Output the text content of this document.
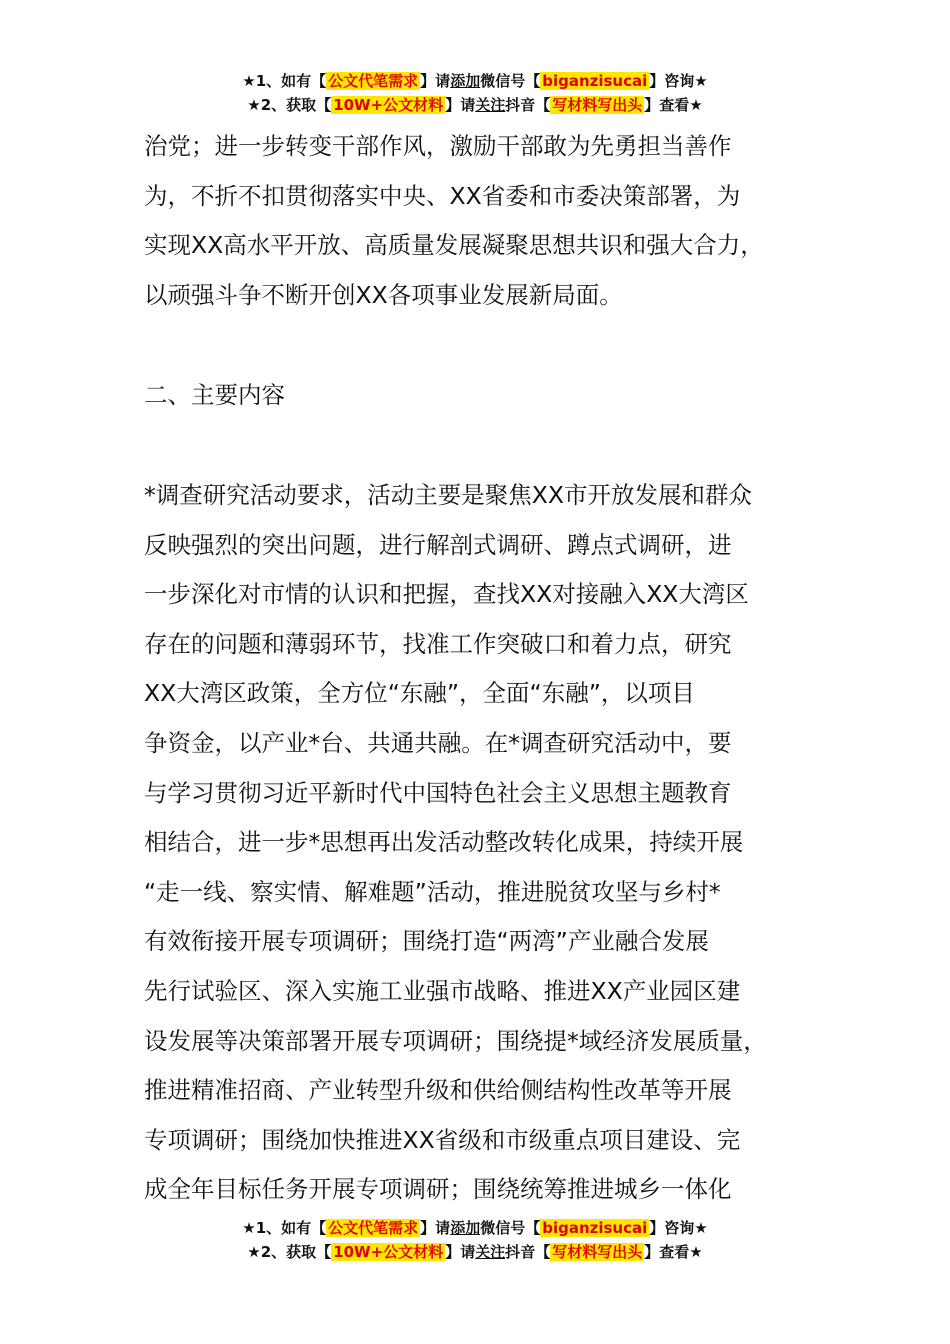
★1、如有【 公文代笔需求 】请添加微信号【 biganzisucai 】咨询★
★2、获取【 10W+公文材料 】请关注抖音【 写材料写出头 】查看★
治党；进一步转变干部作风，激励干部敢为先勇担当善作
为，不折不扣贯彻落实中央、XX省委和市委决策部署，为
实现XX高水平开放、高质量发展凝聚思想共识和强大合力，
以顽强斗争不断开创XX各项事业发展新局面。
二、主要内容
*调查研究活动要求，活动主要是聚焦XX市开放发展和群众
反映强烈的突出问题，进行解剖式调研、蹲点式调研，进
一步深化对市情的认识和把握，查找XX对接融入XX大湾区
存在的问题和薄弱环节，找准工作突破口和着力点，研究
XX大湾区政策，全方位“东融”，全面“东融”，以项目
争资金，以产业*台、共通共融。在*调查研究活动中，要
与学习贯彻习近平新时代中国特色社会主义思想主题教育
相结合，进一步*思想再出发活动整改转化成果，持续开展
“走一线、察实情、解难题”活动，推进脱贫攻坚与乡村*
有效衔接开展专项调研；围绕打造“两湾”产业融合发展
先行试验区、深入实施工业强市战略、推进XX产业园区建
设发展等决策部署开展专项调研；围绕提*域经济发展质量，
推进精准招商、产业转型升级和供给侧结构性改革等开展
专项调研；围绕加快推进XX省级和市级重点项目建设、完
成全年目标任务开展专项调研；围绕统筹推进城乡一体化
★1、如有【 公文代笔需求 】请添加微信号【 biganzisucai 】咨询★
★2、获取【 10W+公文材料 】请关注抖音【 写材料写出头 】查看★
